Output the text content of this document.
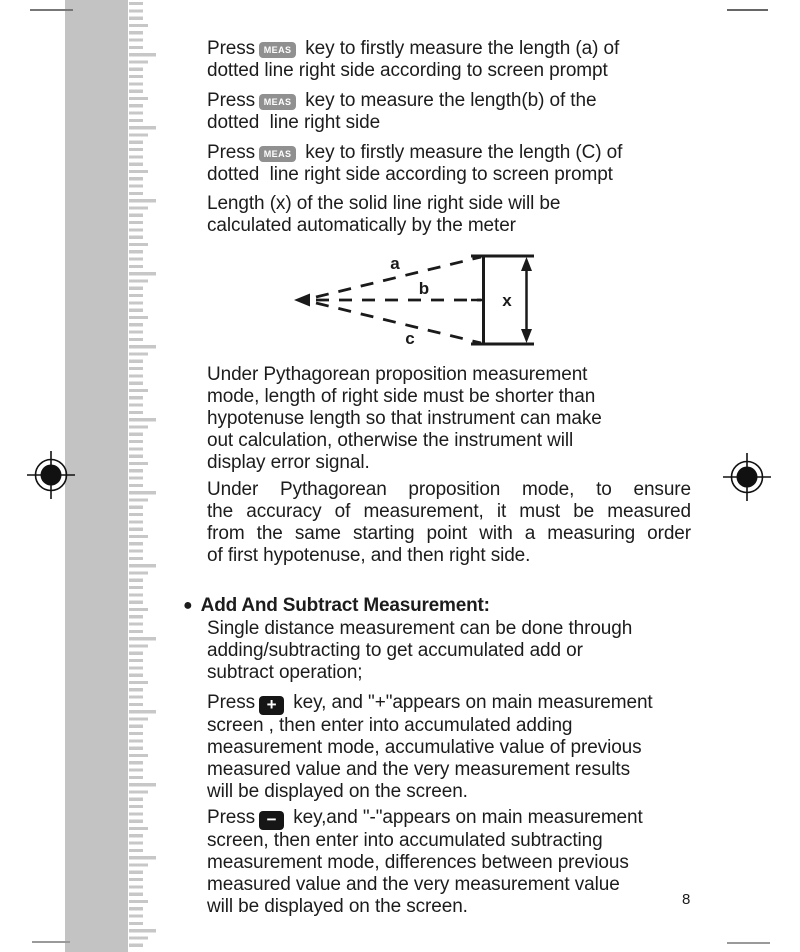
Press MEAS key to firstly measure the length (a) of
dotted line right side according to screen prompt
Press MEAS key to measure the length(b) of the
dotted  line right side
Press MEAS key to firstly measure the length (C) of
dotted  line right side according to screen prompt
Length (x) of the solid line right side will be
calculated automatically by the meter
a
b
c
x
Under Pythagorean proposition measurement
mode, length of right side must be shorter than
hypotenuse length so that instrument can make
out calculation, otherwise the instrument will
display error signal.
Under Pythagorean proposition mode, to ensure
the accuracy of measurement, it must be measured
from the same starting point with a measuring order
of first hypotenuse, and then right side.
● Add And Subtract Measurement:
Single distance measurement can be done through
adding/subtracting to get accumulated add or
subtract operation;
Press + key, and "+"appears on main measurement
screen , then enter into accumulated adding
measurement mode, accumulative value of previous
measured value and the very measurement results
will be displayed on the screen.
Press − key,and "-"appears on main measurement
screen, then enter into accumulated subtracting
measurement mode, differences between previous
measured value and the very measurement value
will be displayed on the screen.	8
